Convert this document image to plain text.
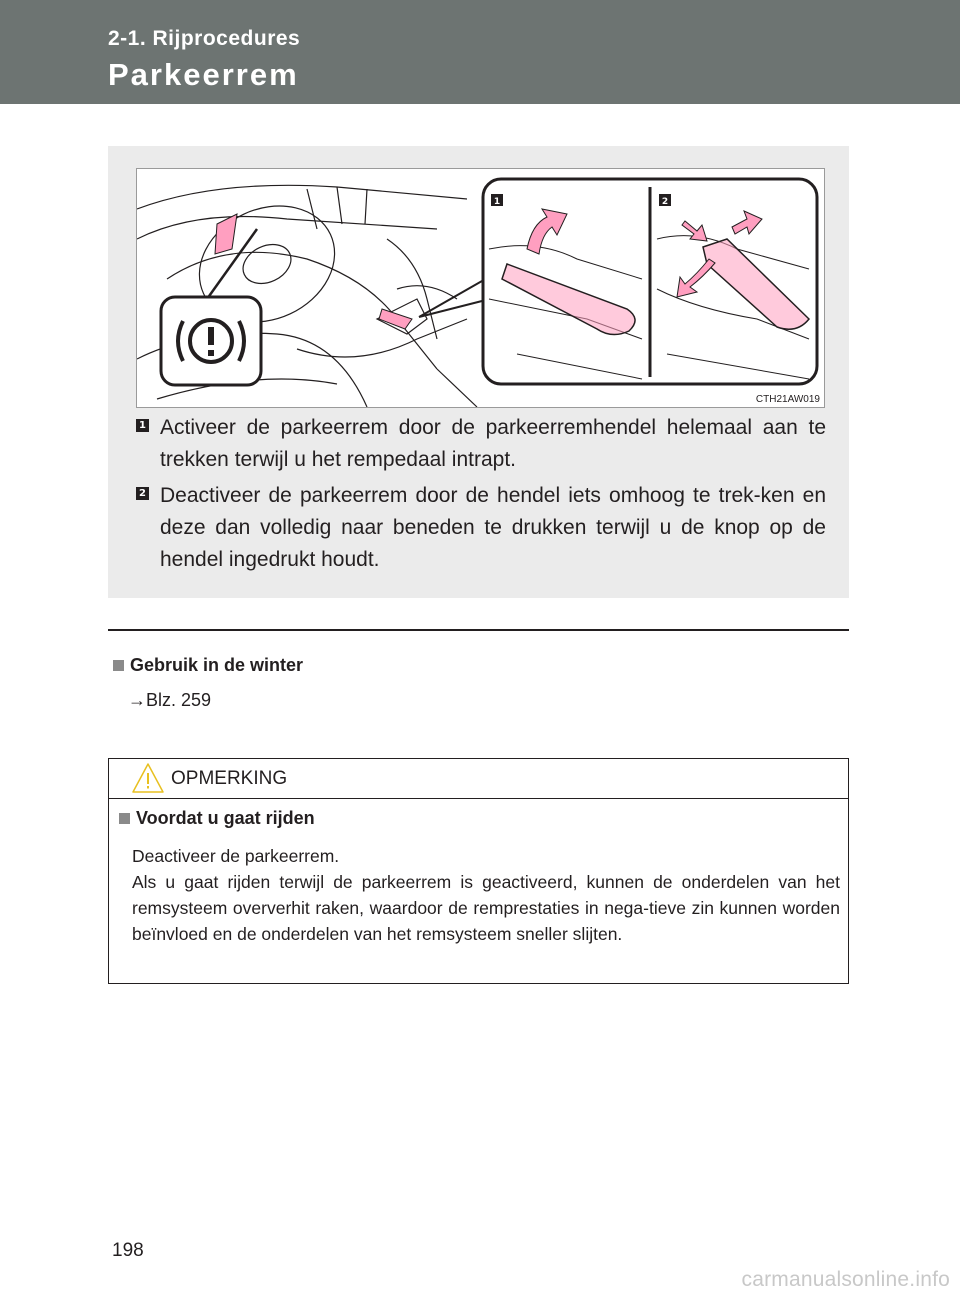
2-1. Rijprocedures
Parkeerrem
1	2
CTH21AW019
1 Activeer de parkeerrem door de parkeerremhendel helemaal aan te trekken terwijl u het rempedaal intrapt.
2 Deactiveer de parkeerrem door de hendel iets omhoog te trek-ken en deze dan volledig naar beneden te drukken terwijl u de knop op de hendel ingedrukt houdt.
Gebruik in de winter
→Blz. 259
OPMERKING
Voordat u gaat rijden

Deactiveer de parkeerrem.

Als u gaat rijden terwijl de parkeerrem is geactiveerd, kunnen de onderdelen van het remsysteem oververhit raken, waardoor de remprestaties in nega-tieve zin kunnen worden beïnvloed en de onderdelen van het remsysteem sneller slijten.

198
carmanualsonline.info
